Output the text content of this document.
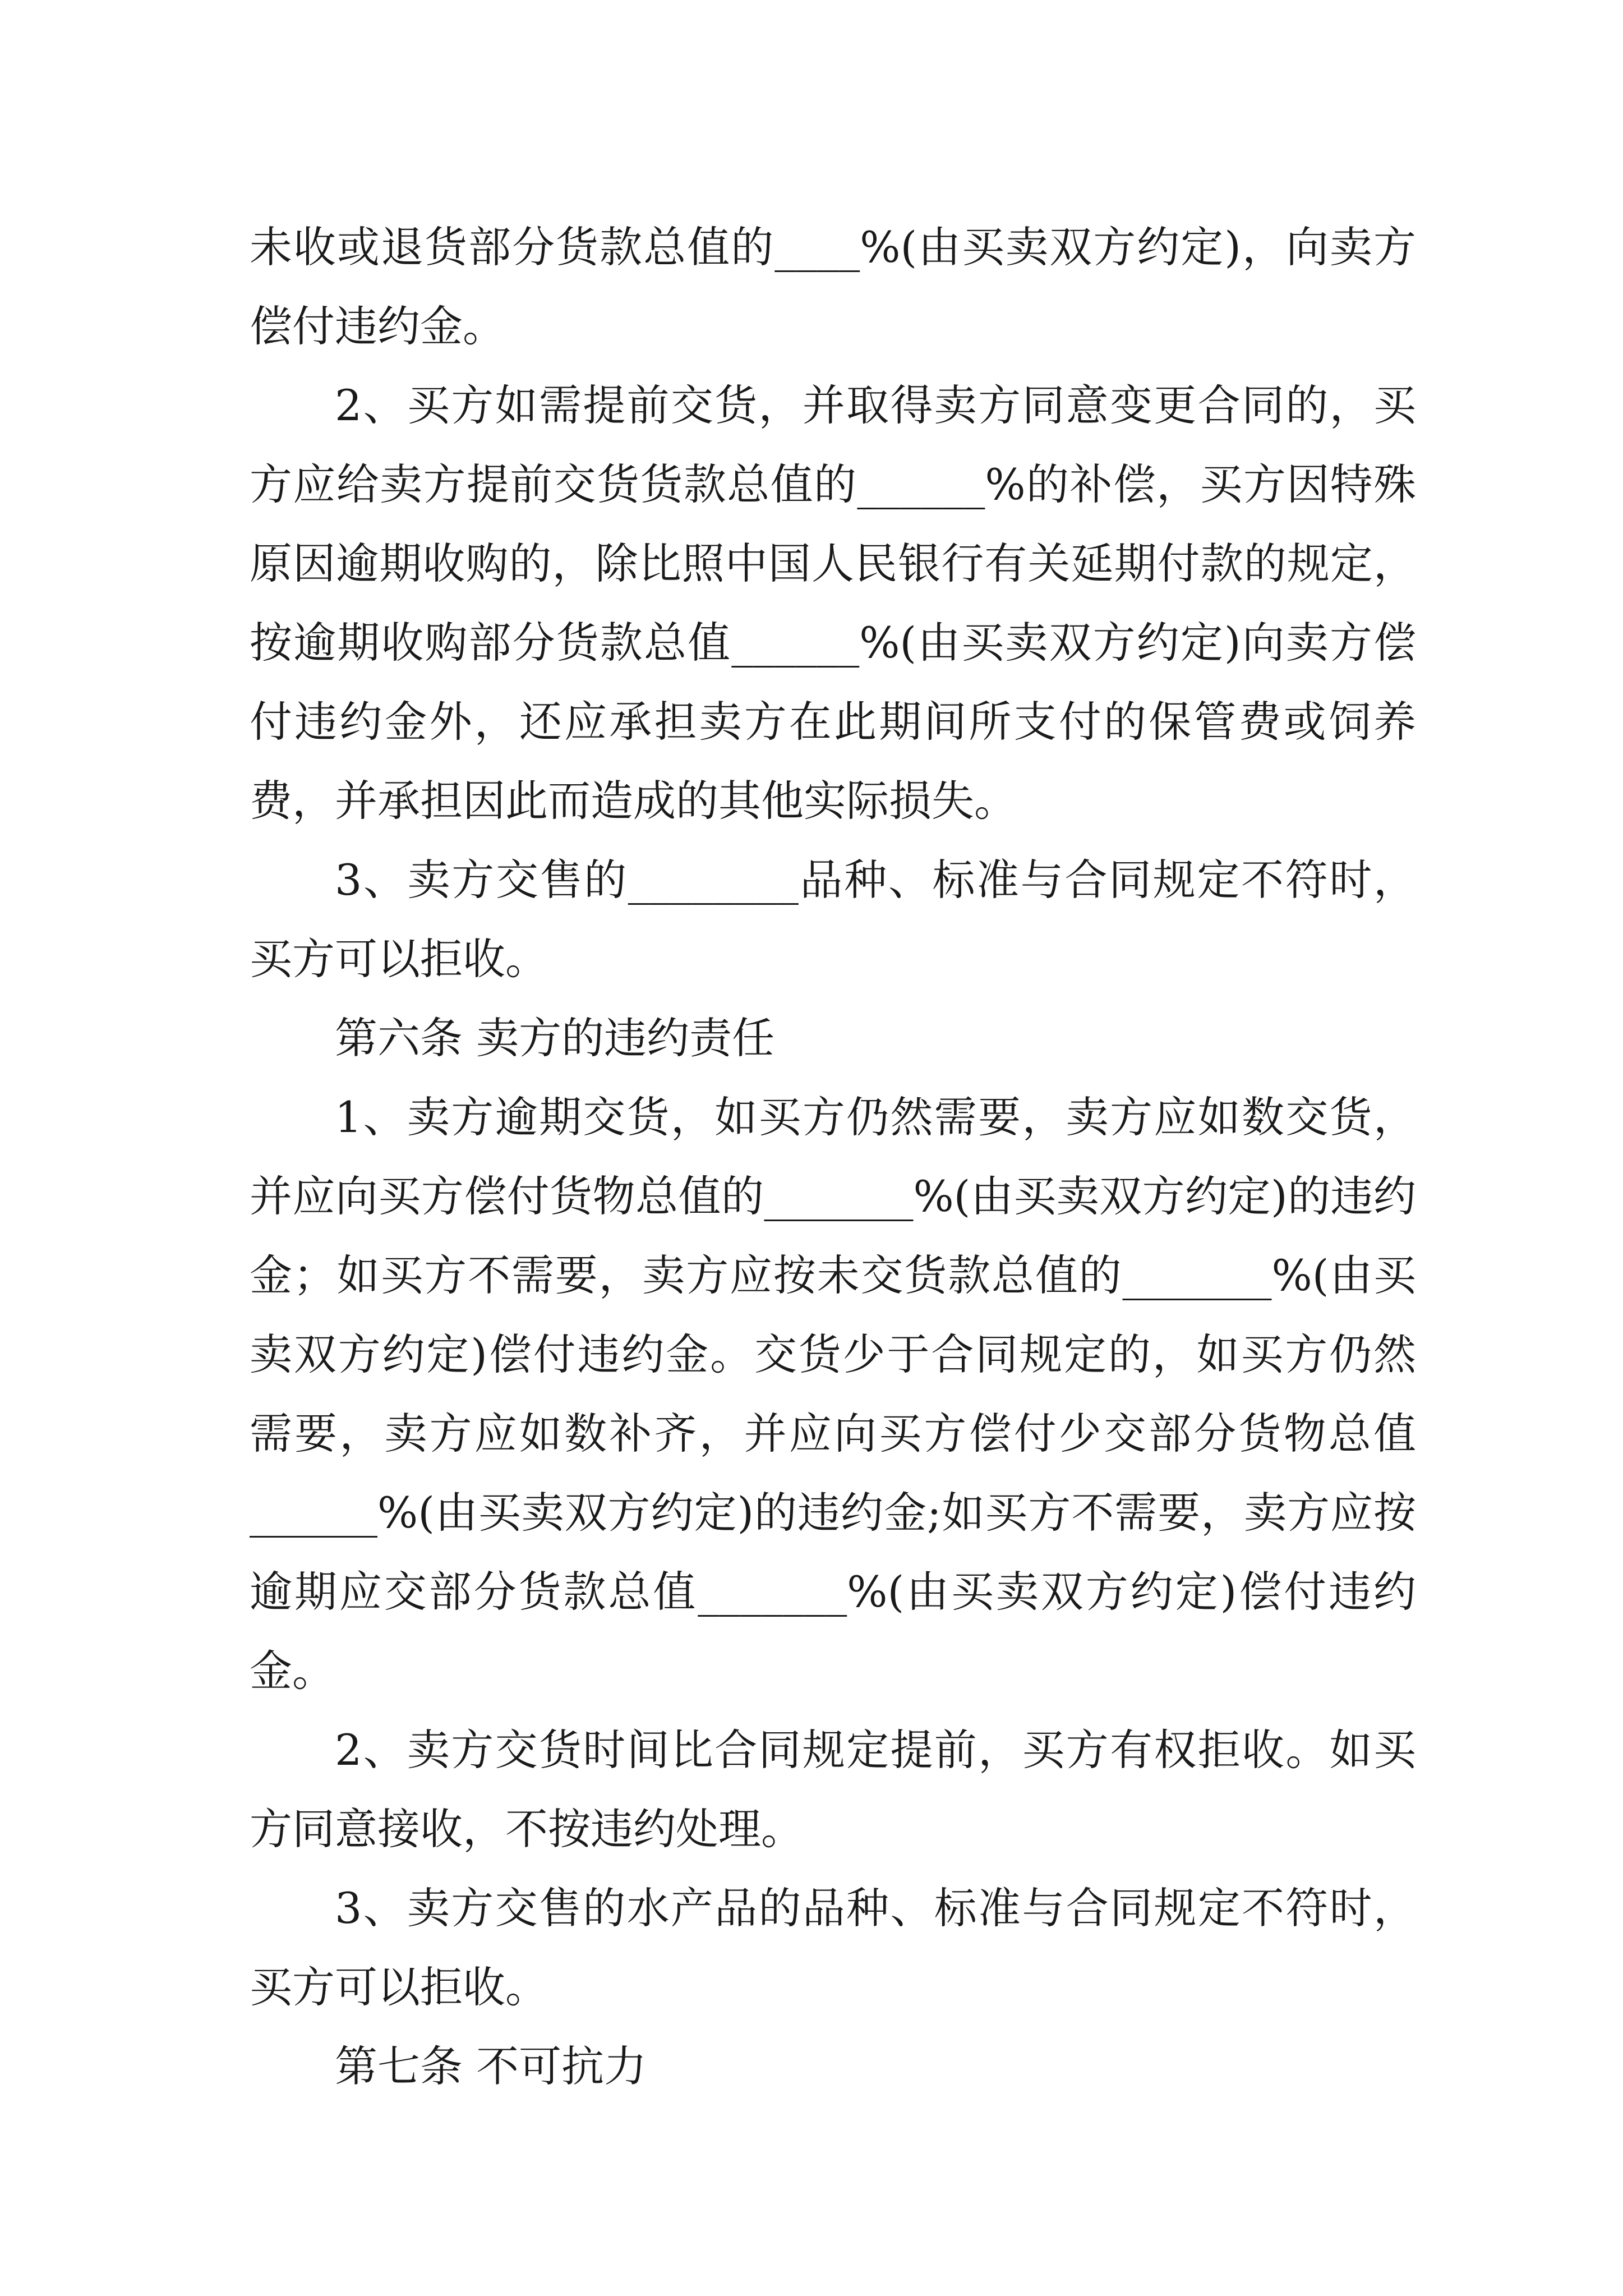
未收或退货部分货款总值的____%(由买卖双方约定)，向卖方偿付违约金。

2、买方如需提前交货，并取得卖方同意变更合同的，买方应给卖方提前交货货款总值的______%的补偿，买方因特殊原因逾期收购的，除比照中国人民银行有关延期付款的规定，按逾期收购部分货款总值______%(由买卖双方约定)向卖方偿付违约金外，还应承担卖方在此期间所支付的保管费或饲养费，并承担因此而造成的其他实际损失。

3、卖方交售的________品种、标准与合同规定不符时，买方可以拒收。

第六条 卖方的违约责任

1、卖方逾期交货，如买方仍然需要，卖方应如数交货，并应向买方偿付货物总值的_______%(由买卖双方约定)的违约金；如买方不需要，卖方应按未交货款总值的_______%(由买卖双方约定)偿付违约金。交货少于合同规定的，如买方仍然需要，卖方应如数补齐，并应向买方偿付少交部分货物总值______%(由买卖双方约定)的违约金;如买方不需要，卖方应按逾期应交部分货款总值_______%(由买卖双方约定)偿付违约金。

2、卖方交货时间比合同规定提前，买方有权拒收。如买方同意接收，不按违约处理。

3、卖方交售的水产品的品种、标准与合同规定不符时，买方可以拒收。

第七条 不可抗力
